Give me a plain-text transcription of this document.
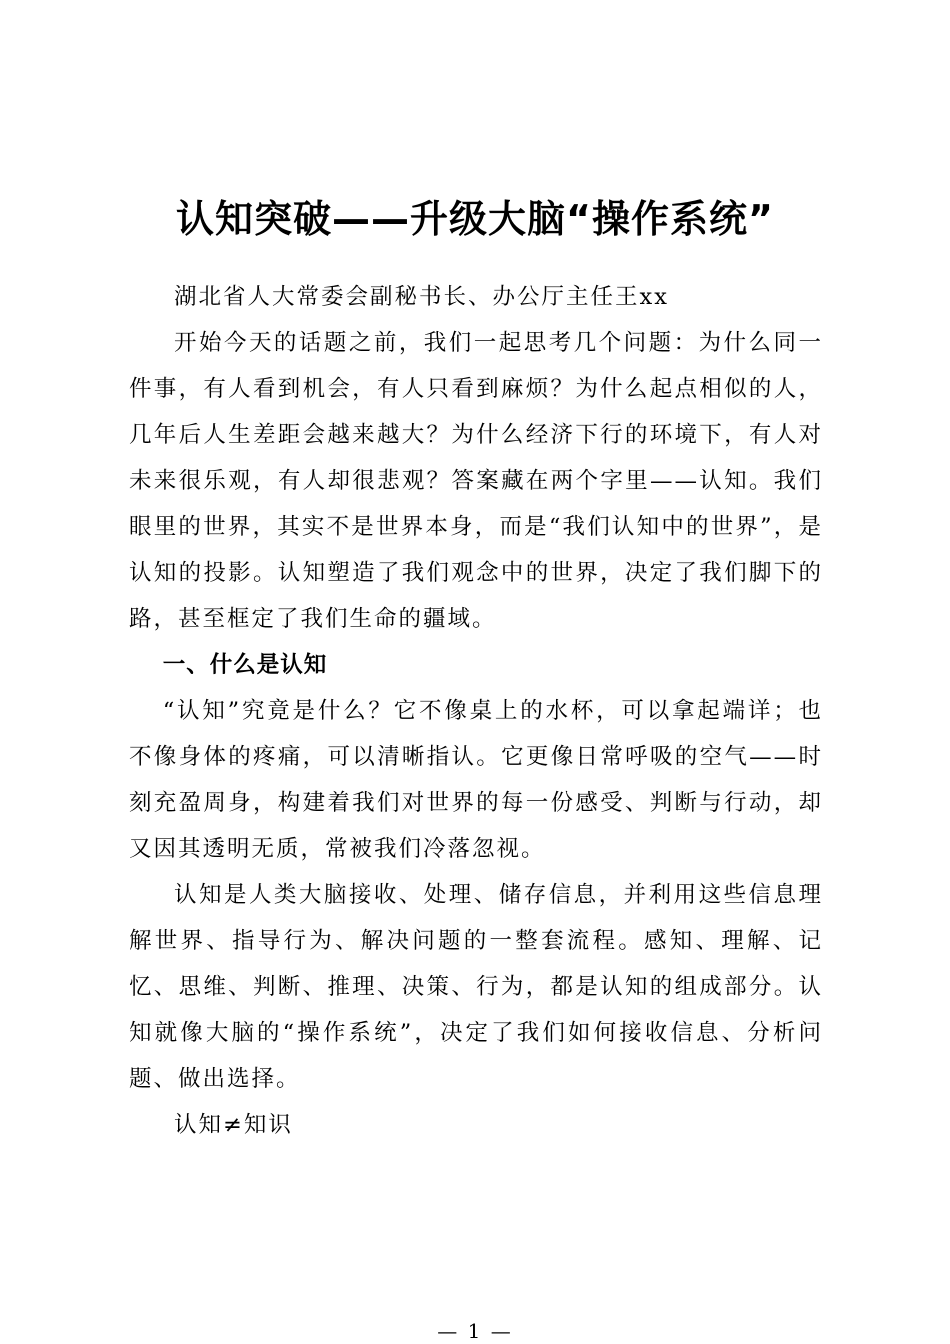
认知突破——升级大脑“操作系统”

湖北省人大常委会副秘书长、办公厅主任王xx

开始今天的话题之前，我们一起思考几个问题：为什么同一件事，有人看到机会，有人只看到麻烦？为什么起点相似的人，几年后人生差距会越来越大？为什么经济下行的环境下，有人对未来很乐观，有人却很悲观？答案藏在两个字里——认知。我们眼里的世界，其实不是世界本身，而是“我们认知中的世界”，是认知的投影。认知塑造了我们观念中的世界，决定了我们脚下的路，甚至框定了我们生命的疆域。

一、什么是认知

“认知”究竟是什么？它不像桌上的水杯，可以拿起端详；也不像身体的疼痛，可以清晰指认。它更像日常呼吸的空气——时刻充盈周身，构建着我们对世界的每一份感受、判断与行动，却又因其透明无质，常被我们冷落忽视。

认知是人类大脑接收、处理、储存信息，并利用这些信息理解世界、指导行为、解决问题的一整套流程。感知、理解、记忆、思维、判断、推理、决策、行为，都是认知的组成部分。认知就像大脑的“操作系统”，决定了我们如何接收信息、分析问题、做出选择。

认知≠知识

— 1 —
